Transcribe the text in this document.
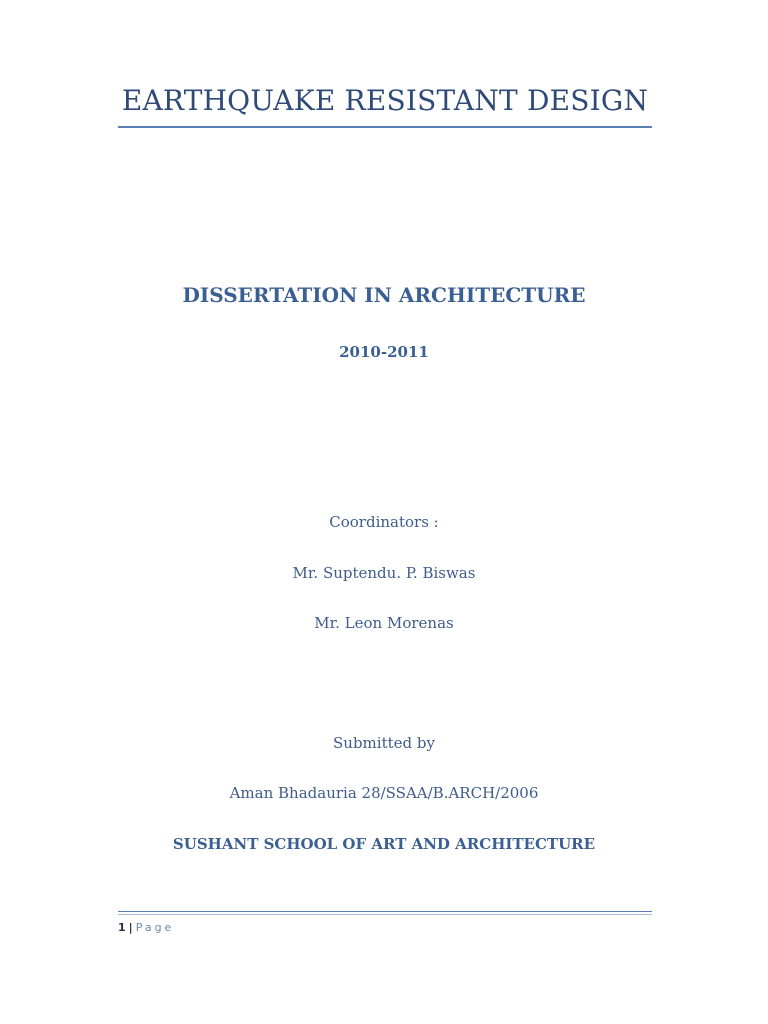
EARTHQUAKE RESISTANT DESIGN
DISSERTATION IN ARCHITECTURE
2010-2011
Coordinators :
Mr. Suptendu. P. Biswas
Mr. Leon Morenas
Submitted by
Aman Bhadauria 28/SSAA/B.ARCH/2006
SUSHANT SCHOOL OF ART AND ARCHITECTURE
1 | Page
